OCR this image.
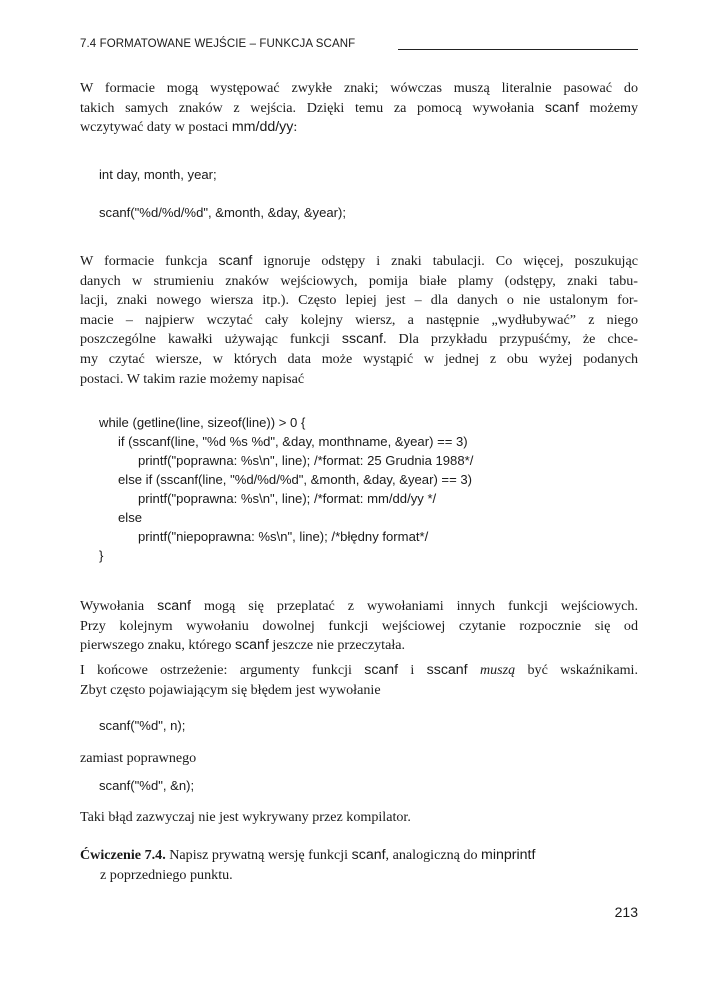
7.4 FORMATOWANE WEJŚCIE – FUNKCJA SCANF
W formacie mogą występować zwykłe znaki; wówczas muszą literalnie pasować do
takich samych znaków z wejścia. Dzięki temu za pomocą wywołania scanf możemy
wczytywać daty w postaci mm/dd/yy:
int day, month, year;
scanf("%d/%d/%d", &month, &day, &year);
W formacie funkcja scanf ignoruje odstępy i znaki tabulacji. Co więcej, poszukując
danych w strumieniu znaków wejściowych, pomija białe plamy (odstępy, znaki tabu-
lacji, znaki nowego wiersza itp.). Często lepiej jest – dla danych o nie ustalonym for-
macie – najpierw wczytać cały kolejny wiersz, a następnie „wydłubywać” z niego
poszczególne kawałki używając funkcji sscanf. Dla przykładu przypuśćmy, że chce-
my czytać wiersze, w których data może wystąpić w jednej z obu wyżej podanych
postaci. W takim razie możemy napisać
while (getline(line, sizeof(line)) > 0 {
if (sscanf(line, "%d %s %d", &day, monthname, &year) == 3)
printf("poprawna: %s\n", line); /*format: 25 Grudnia 1988*/
else if (sscanf(line, "%d/%d/%d", &month, &day, &year) == 3)
printf("poprawna: %s\n", line); /*format: mm/dd/yy */
else
printf("niepoprawna: %s\n", line); /*błędny format*/
}
Wywołania scanf mogą się przeplatać z wywołaniami innych funkcji wejściowych.
Przy kolejnym wywołaniu dowolnej funkcji wejściowej czytanie rozpocznie się od
pierwszego znaku, którego scanf jeszcze nie przeczytała.
I końcowe ostrzeżenie: argumenty funkcji scanf i sscanf muszą być wskaźnikami.
Zbyt często pojawiającym się błędem jest wywołanie
scanf("%d", n);
zamiast poprawnego
scanf("%d", &n);
Taki błąd zazwyczaj nie jest wykrywany przez kompilator.
Ćwiczenie 7.4. Napisz prywatną wersję funkcji scanf, analogiczną do minprintf
z poprzedniego punktu.
213
